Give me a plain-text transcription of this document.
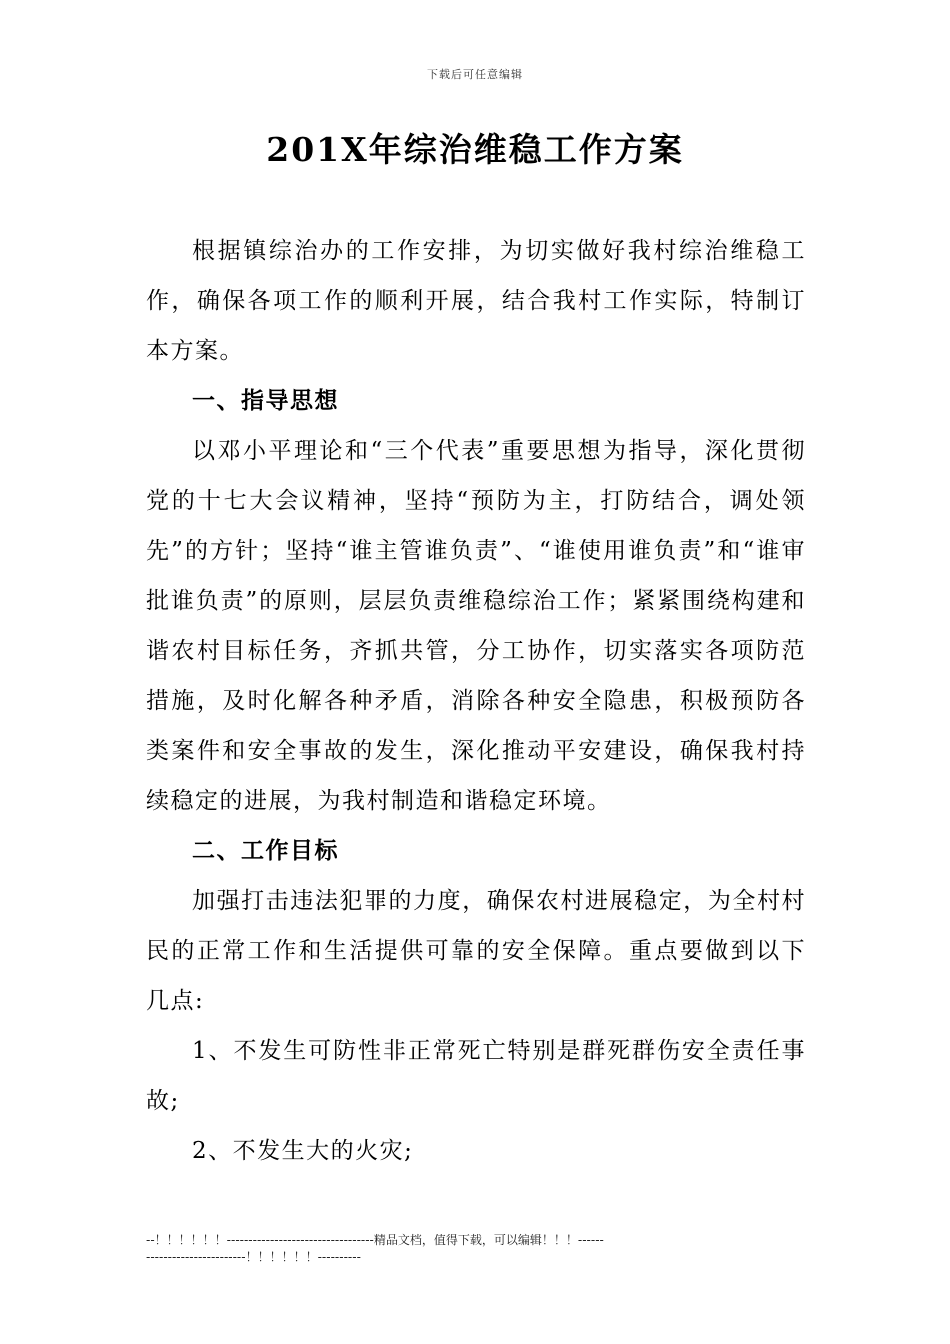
下载后可任意编辑
201X年综治维稳工作方案

根据镇综治办的工作安排，为切实做好我村综治维稳工作，确保各项工作的顺利开展，结合我村工作实际，特制订本方案。

一、指导思想

以邓小平理论和“三个代表”重要思想为指导，深化贯彻党的十七大会议精神，坚持“预防为主，打防结合，调处领先”的方针；坚持“谁主管谁负责”、“谁使用谁负责”和“谁审批谁负责”的原则，层层负责维稳综治工作；紧紧围绕构建和谐农村目标任务，齐抓共管，分工协作，切实落实各项防范措施，及时化解各种矛盾，消除各种安全隐患，积极预防各类案件和安全事故的发生，深化推动平安建设，确保我村持续稳定的进展，为我村制造和谐稳定环境。

二、工作目标

加强打击违法犯罪的力度，确保农村进展稳定，为全村村民的正常工作和生活提供可靠的安全保障。重点要做到以下几点:

1、不发生可防性非正常死亡特别是群死群伤安全责任事故;

2、不发生大的火灾;

--！！！！！！----------------------------------精品文档，值得下载，可以编辑！！！-----------------------------！！！！！！----------
